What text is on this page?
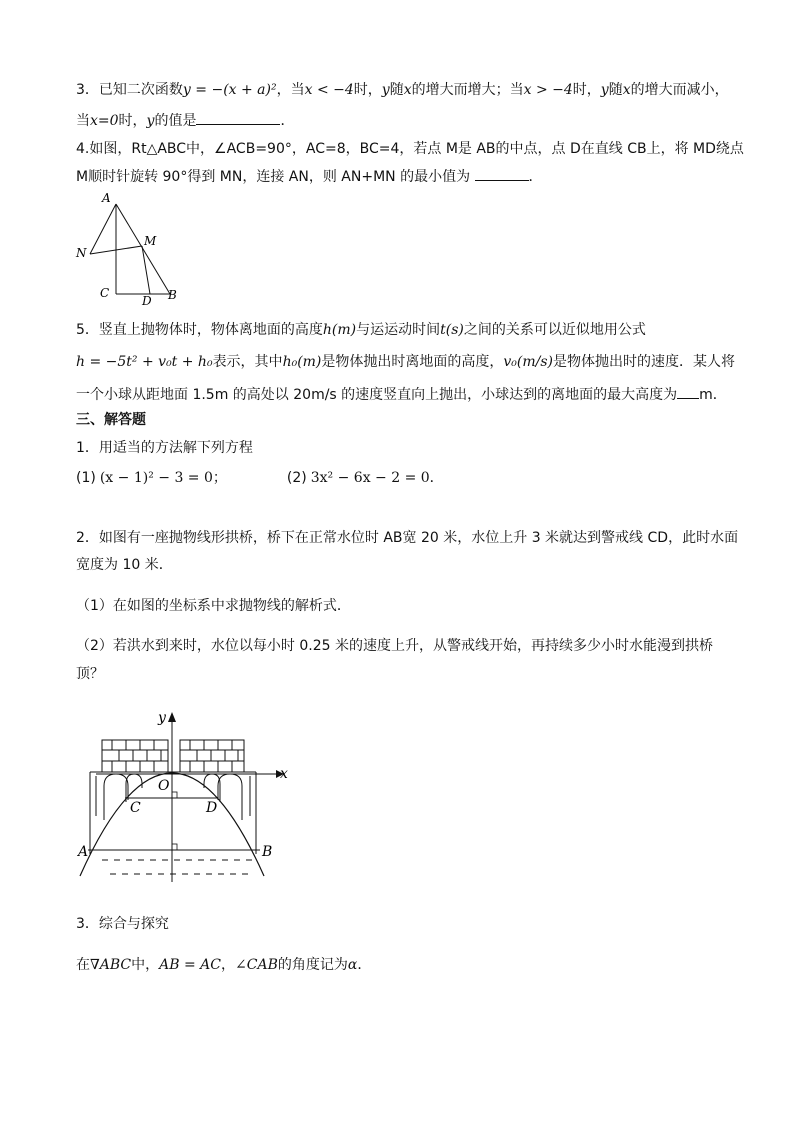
3．已知二次函数y = −(x + a)²，当x < −4时，y随x的增大而增大；当x > −4时，y随x的增大而减小，
当x=0时，y的值是	．
4.如图，Rt△ABC中，∠ACB=90°，AC=8，BC=4，若点 M是 AB的中点，点 D在直线 CB上，将 MD绕点
M顺时针旋转 90°得到 MN，连接 AN，则 AN+MN 的最小值为	．
A
M
N
C
D B
5．竖直上抛物体时，物体离地面的高度h(m)与运运动时间t(s)之间的关系可以近似地用公式
h = −5t² + v₀t + h₀表示，其中h₀(m)是物体抛出时离地面的高度，v₀(m/s)是物体抛出时的速度．某人将
一个小球从距地面 1.5m 的高处以 20m/s 的速度竖直向上抛出，小球达到的离地面的最大高度为 m．
三、解答题
1．用适当的方法解下列方程
(1) (x − 1)² − 3 = 0；	(2) 3x² − 6x − 2 = 0．
2．如图有一座抛物线形拱桥，桥下在正常水位时 AB宽 20 米，水位上升 3 米就达到警戒线 CD，此时水面
宽度为 10 米．
（1）在如图的坐标系中求抛物线的解析式．
（2）若洪水到来时，水位以每小时 0.25 米的速度上升，从警戒线开始，再持续多少小时水能漫到拱桥
顶？
y
x
O
C	D
A	B
3．综合与探究
在∇ABC中，AB = AC，∠CAB的角度记为α．
